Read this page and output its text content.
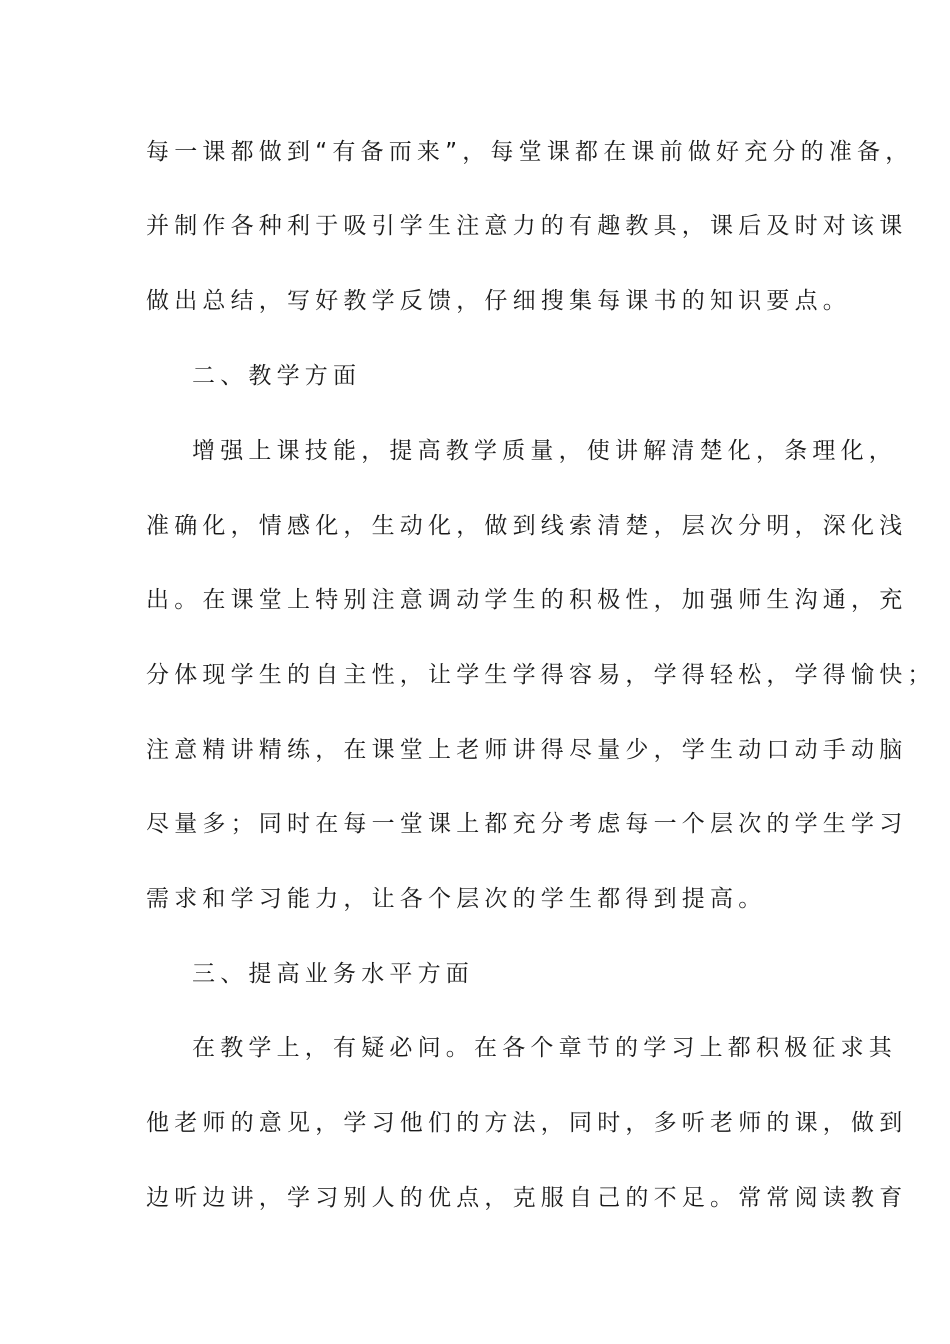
每一课都做到“有备而来”，每堂课都在课前做好充分的准备，
并制作各种利于吸引学生注意力的有趣教具，课后及时对该课
做出总结，写好教学反馈，仔细搜集每课书的知识要点。
二、教学方面
增强上课技能，提高教学质量，使讲解清楚化，条理化，
准确化，情感化，生动化，做到线索清楚，层次分明，深化浅
出。在课堂上特别注意调动学生的积极性，加强师生沟通，充
分体现学生的自主性，让学生学得容易，学得轻松，学得愉快；
注意精讲精练，在课堂上老师讲得尽量少，学生动口动手动脑
尽量多；同时在每一堂课上都充分考虑每一个层次的学生学习
需求和学习能力，让各个层次的学生都得到提高。
三、提高业务水平方面
在教学上，有疑必问。在各个章节的学习上都积极征求其
他老师的意见，学习他们的方法，同时，多听老师的课，做到
边听边讲，学习别人的优点，克服自己的不足。常常阅读教育
